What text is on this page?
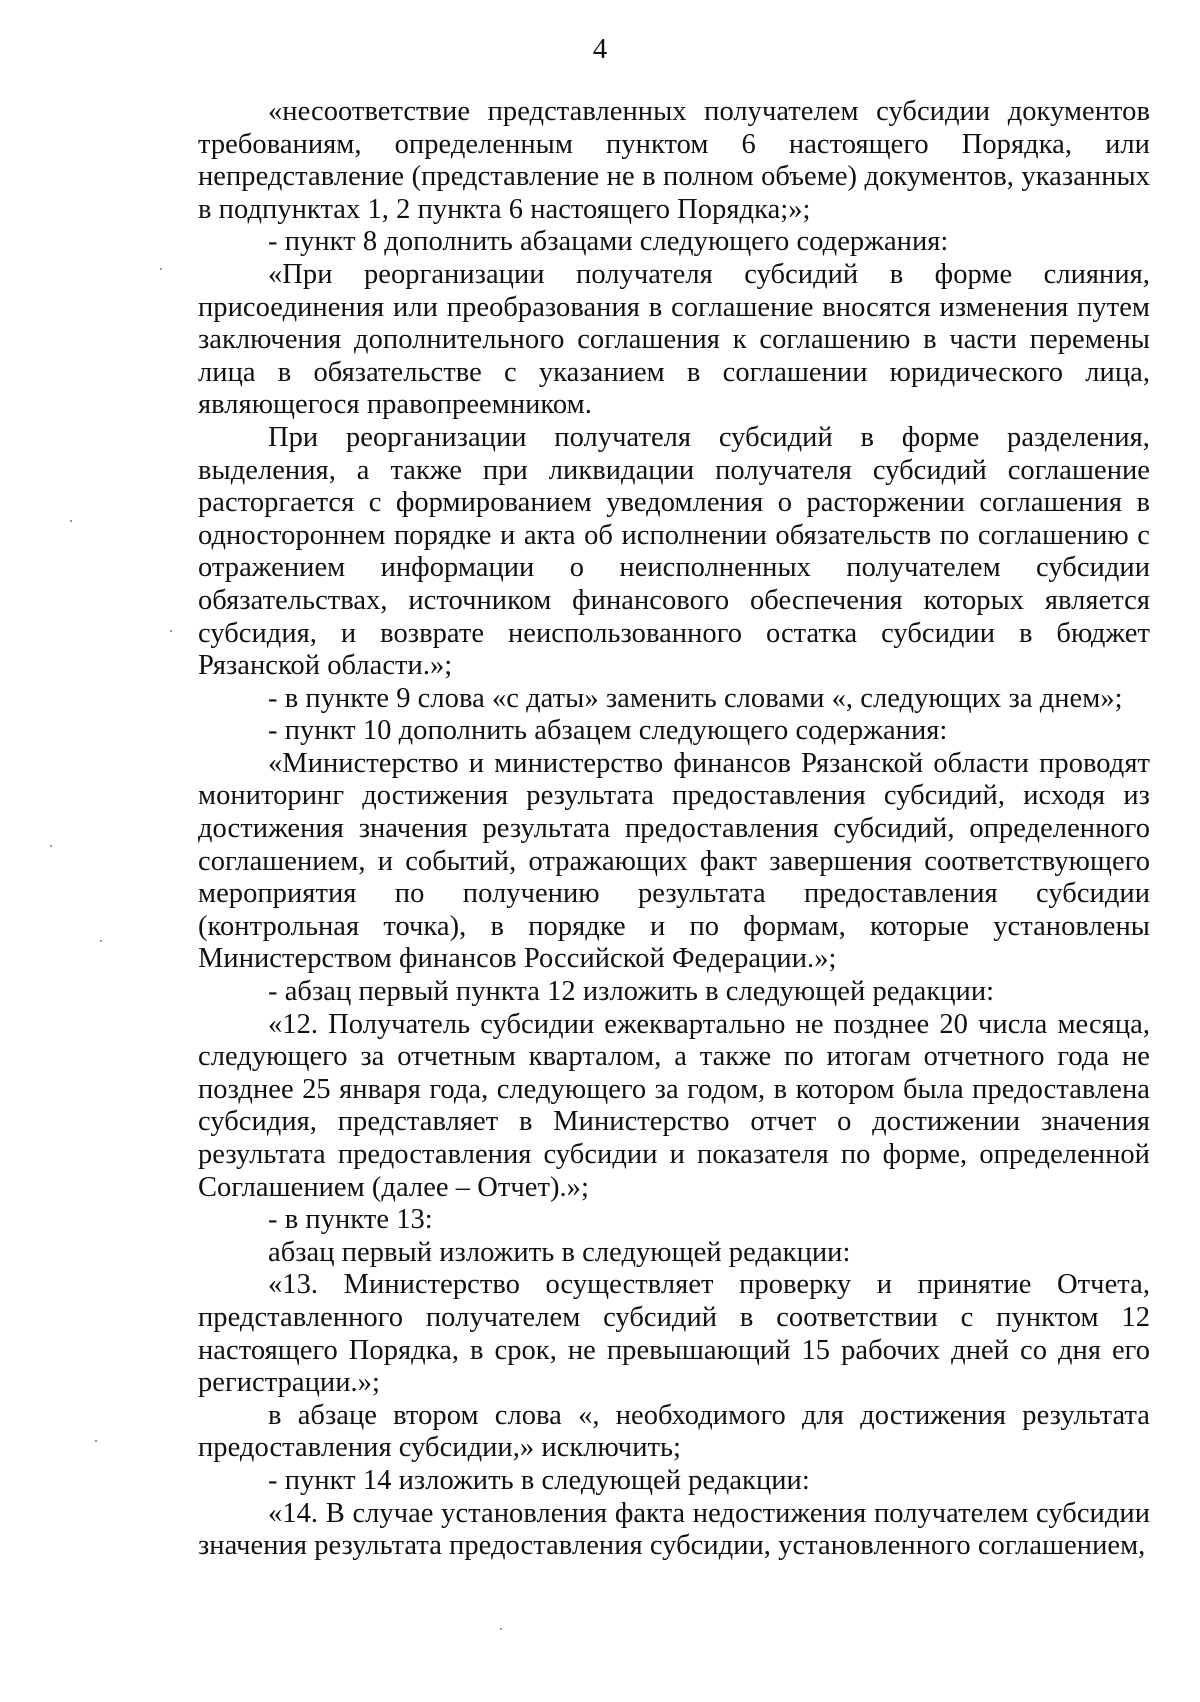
4

«несоответствие представленных получателем субсидии документов требованиям, определенным пунктом 6 настоящего Порядка, или непредставление (представление не в полном объеме) документов, указанных в подпунктах 1, 2 пункта 6 настоящего Порядка;»;

- пункт 8 дополнить абзацами следующего содержания:

«При реорганизации получателя субсидий в форме слияния, присоединения или преобразования в соглашение вносятся изменения путем заключения дополнительного соглашения к соглашению в части перемены лица в обязательстве с указанием в соглашении юридического лица, являющегося правопреемником.

При реорганизации получателя субсидий в форме разделения, выделения, а также при ликвидации получателя субсидий соглашение расторгается с формированием уведомления о расторжении соглашения в одностороннем порядке и акта об исполнении обязательств по соглашению с отражением информации о неисполненных получателем субсидии обязательствах, источником финансового обеспечения которых является субсидия, и возврате неиспользованного остатка субсидии в бюджет Рязанской области.»;

- в пункте 9 слова «с даты» заменить словами «, следующих за днем»;

- пункт 10 дополнить абзацем следующего содержания:

«Министерство и министерство финансов Рязанской области проводят мониторинг достижения результата предоставления субсидий, исходя из достижения значения результата предоставления субсидий, определенного соглашением, и событий, отражающих факт завершения соответствующего мероприятия по получению результата предоставления субсидии (контрольная точка), в порядке и по формам, которые установлены Министерством финансов Российской Федерации.»;

- абзац первый пункта 12 изложить в следующей редакции:

«12. Получатель субсидии ежеквартально не позднее 20 числа месяца, следующего за отчетным кварталом, а также по итогам отчетного года не позднее 25 января года, следующего за годом, в котором была предоставлена субсидия, представляет в Министерство отчет о достижении значения результата предоставления субсидии и показателя по форме, определенной Соглашением (далее – Отчет).»;

- в пункте 13:

абзац первый изложить в следующей редакции:

«13. Министерство осуществляет проверку и принятие Отчета, представленного получателем субсидий в соответствии с пунктом 12 настоящего Порядка, в срок, не превышающий 15 рабочих дней со дня его регистрации.»;

в абзаце втором слова «, необходимого для достижения результата предоставления субсидии,» исключить;

- пункт 14 изложить в следующей редакции:

«14. В случае установления факта недостижения получателем субсидии значения результата предоставления субсидии, установленного соглашением,
